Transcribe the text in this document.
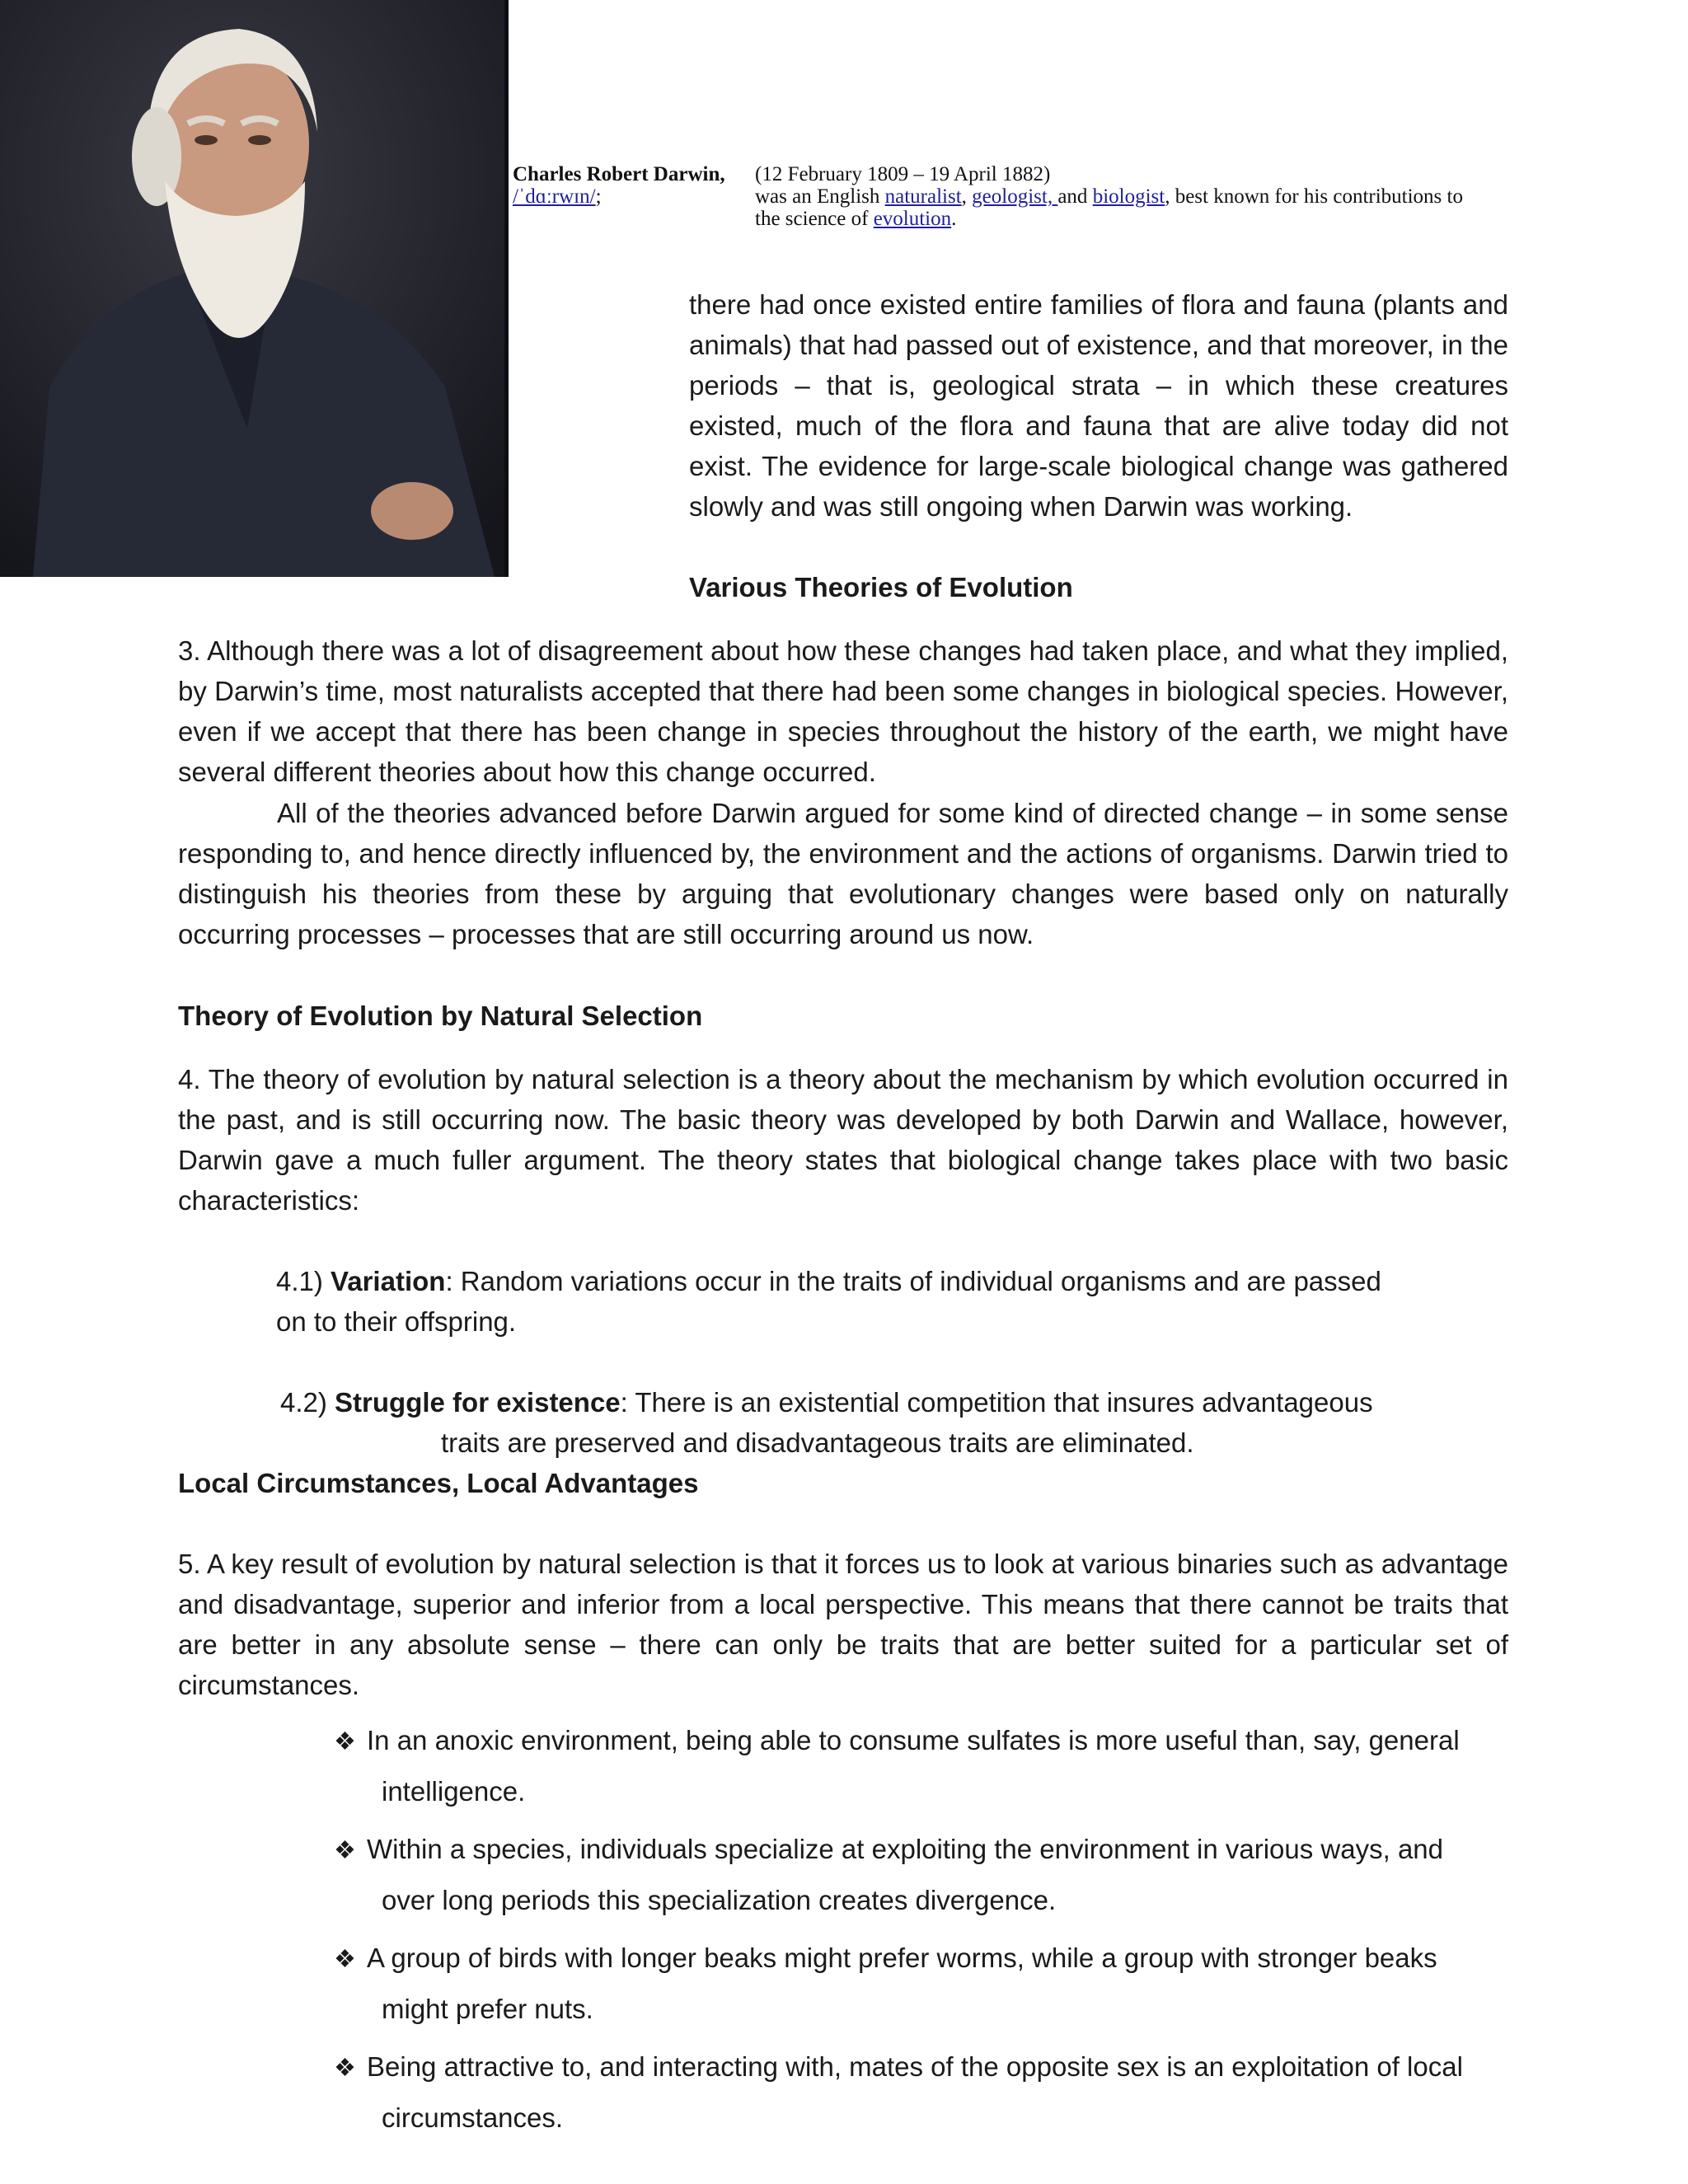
Charles Robert Darwin,
/ˈdɑːrwɪn/;
(12 February 1809 – 19 April 1882)
was an English naturalist, geologist, and biologist, best known for his contributions to
the science of evolution.
there had once existed entire families of flora and fauna (plants and animals) that had passed out of existence, and that moreover, in the periods – that is, geological strata – in which these creatures existed, much of the flora and fauna that are alive today did not exist. The evidence for large-scale biological change was gathered slowly and was still ongoing when Darwin was working.
Various Theories of Evolution
3. Although there was a lot of disagreement about how these changes had taken place, and what they implied, by Darwin’s time, most naturalists accepted that there had been some changes in biological species. However, even if we accept that there has been change in species throughout the history of the earth, we might have several different theories about how this change occurred.
All of the theories advanced before Darwin argued for some kind of directed change – in some sense responding to, and hence directly influenced by, the environment and the actions of organisms. Darwin tried to distinguish his theories from these by arguing that evolutionary changes were based only on naturally occurring processes – processes that are still occurring around us now.
Theory of Evolution by Natural Selection
4. The theory of evolution by natural selection is a theory about the mechanism by which evolution occurred in the past, and is still occurring now. The basic theory was developed by both Darwin and Wallace, however, Darwin gave a much fuller argument. The theory states that biological change takes place with two basic characteristics:
4.1) Variation: Random variations occur in the traits of individual organisms and are passed
on to their offspring.
4.2) Struggle for existence: There is an existential competition that insures advantageous
traits are preserved and disadvantageous traits are eliminated.
Local Circumstances, Local Advantages
5. A key result of evolution by natural selection is that it forces us to look at various binaries such as advantage and disadvantage, superior and inferior from a local perspective. This means that there cannot be traits that are better in any absolute sense – there can only be traits that are better suited for a particular set of circumstances.
❖ In an anoxic environment, being able to consume sulfates is more useful than, say, general
intelligence.
❖ Within a species, individuals specialize at exploiting the environment in various ways, and
over long periods this specialization creates divergence.
❖ A group of birds with longer beaks might prefer worms, while a group with stronger beaks
might prefer nuts.
❖ Being attractive to, and interacting with, mates of the opposite sex is an exploitation of local
circumstances.
